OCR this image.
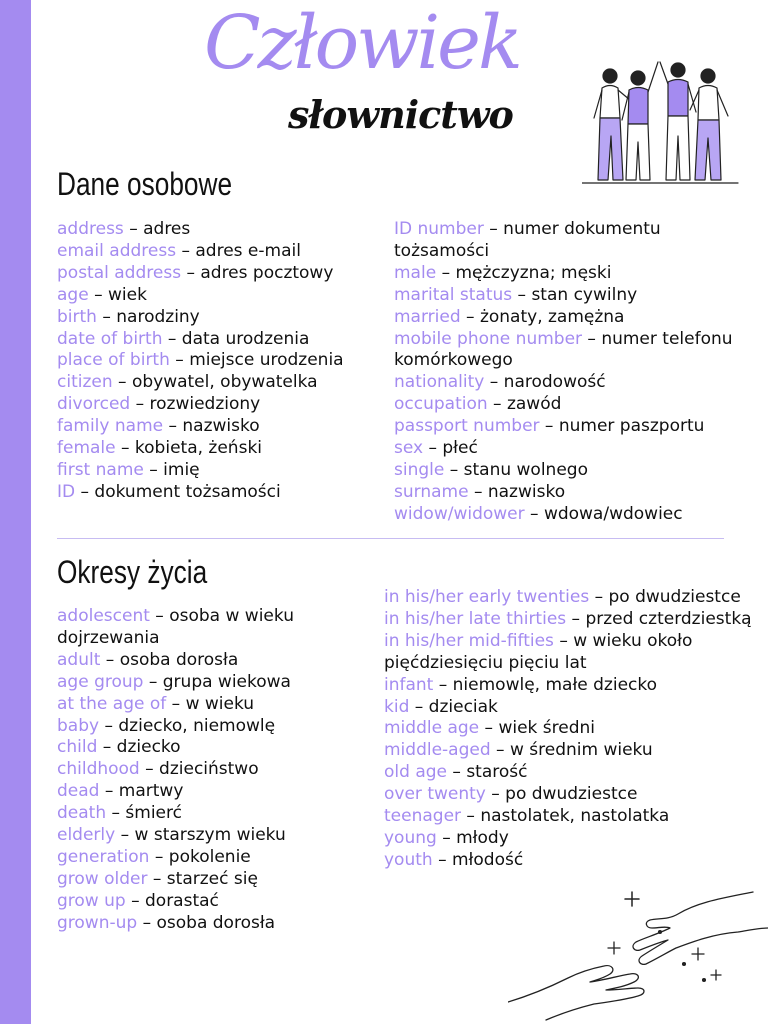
Człowiek
słownictwo
Dane osobowe
address – adres
email address – adres e-mail
postal address – adres pocztowy
age – wiek
birth – narodziny
date of birth – data urodzenia
place of birth – miejsce urodzenia
citizen – obywatel, obywatelka
divorced – rozwiedziony
family name – nazwisko
female – kobieta, żeński
first name – imię
ID – dokument tożsamości
ID number – numer dokumentu tożsamości
male – mężczyzna; męski
marital status – stan cywilny
married – żonaty, zamężna
mobile phone number – numer telefonu komórkowego
nationality – narodowość
occupation – zawód
passport number – numer paszportu
sex – płeć
single – stanu wolnego
surname – nazwisko
widow/widower – wdowa/wdowiec
Okresy życia
adolescent – osoba w wieku dojrzewania
adult – osoba dorosła
age group – grupa wiekowa
at the age of – w wieku
baby – dziecko, niemowlę
child – dziecko
childhood – dzieciństwo
dead – martwy
death – śmierć
elderly – w starszym wieku
generation – pokolenie
grow older – starzeć się
grow up – dorastać
grown-up – osoba dorosła
in his/her early twenties – po dwudziestce
in his/her late thirties – przed czterdziestką
in his/her mid-fifties – w wieku około pięćdziesięciu pięciu lat
infant – niemowlę, małe dziecko
kid – dzieciak
middle age – wiek średni
middle-aged – w średnim wieku
old age – starość
over twenty – po dwudziestce
teenager – nastolatek, nastolatka
young – młody
youth – młodość
